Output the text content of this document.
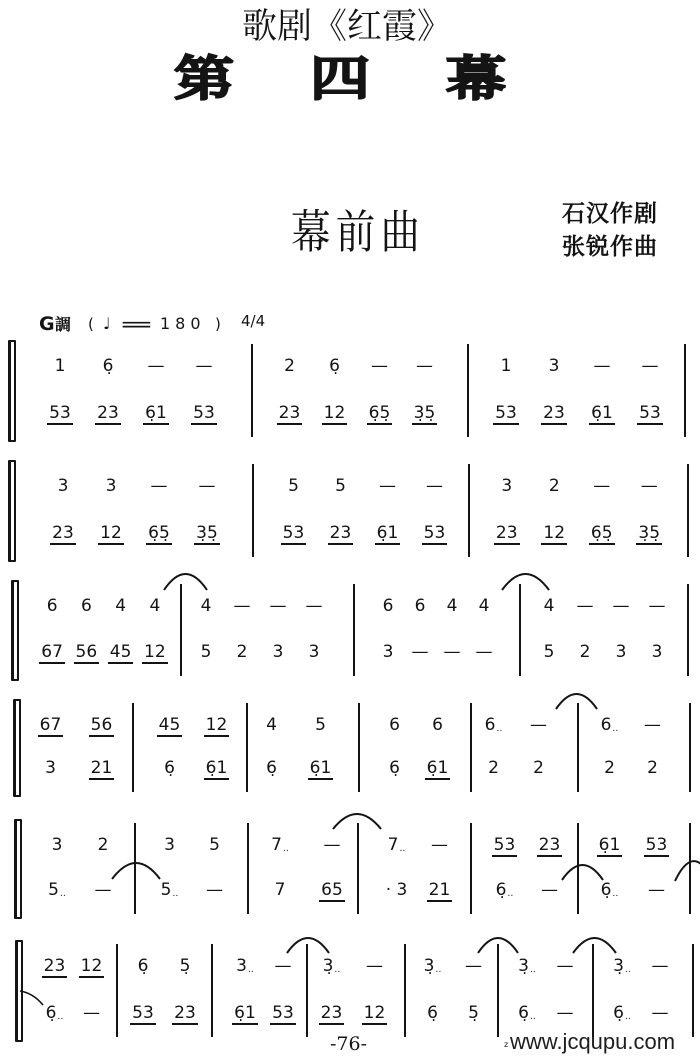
歌剧《红霞》
第四幕
幕前曲	石汉作剧
张锐作曲
G 調 ( ♩ = 180 ) 4/4
1 6̣ — —
53 23 6̣1 53
2 6̣ — —
23 12 6̣5̣ 3̣5̣
1 3 — —
53 23 6̣1 53
3 3 — —
23 12 6̣5̣ 3̣5̣
5 5 — —
53 23 6̣1 53
3 2 — —
23 12 6̣5̣ 3̣5̣
6 6 4 4
67 56 45 12
4 — — —
5 2 3 3
6 6 4 4
3 — — —
4 — — —
5 2 3 3
67 56
3 21
45 12
6̣ 6̣1
4 5
6̣ 6̣1
6 6
6̣ 6̣1
6 ‥ —
2 2
6 ‥ —
2 2
3 2
5 ‥ —
3 5
5 ‥ —
7 ‥ —
7 65
7 ‥ —
· 3 21
53 23
6̣ ‥ —
6̣1 53
6̣ ‥ —
23 12
6̣ ‥ —
6̣ 5̣
53 23
3 ‥ —
6̣1 53
3̣ ‥ —
23 12
3̣ ‥ —
6̣ 5̣
3̣ ‥ —
6̣ ‥ —
3̣ ‥ —
6̣ ‥ —
-76-	z www.jcqupu.com
